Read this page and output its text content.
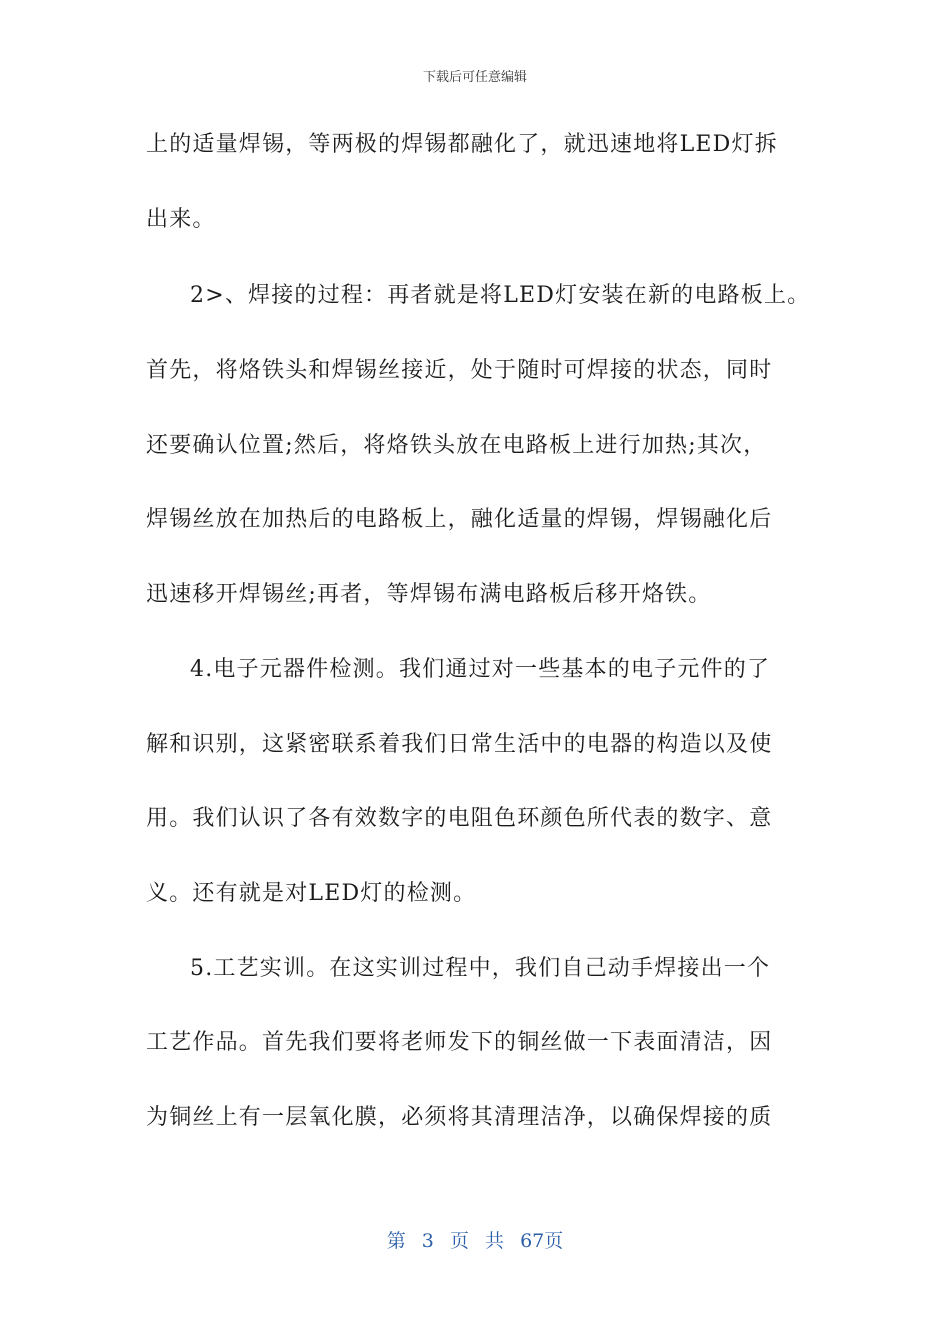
下载后可任意编辑
上的适量焊锡，等两极的焊锡都融化了，就迅速地将LED灯拆
出来。
2>、焊接的过程：再者就是将LED灯安装在新的电路板上。
首先，将烙铁头和焊锡丝接近，处于随时可焊接的状态，同时
还要确认位置;然后，将烙铁头放在电路板上进行加热;其次，
焊锡丝放在加热后的电路板上，融化适量的焊锡，焊锡融化后
迅速移开焊锡丝;再者，等焊锡布满电路板后移开烙铁。
4.电子元器件检测。我们通过对一些基本的电子元件的了
解和识别，这紧密联系着我们日常生活中的电器的构造以及使
用。我们认识了各有效数字的电阻色环颜色所代表的数字、意
义。还有就是对LED灯的检测。
5.工艺实训。在这实训过程中，我们自己动手焊接出一个
工艺作品。首先我们要将老师发下的铜丝做一下表面清洁，因
为铜丝上有一层氧化膜，必须将其清理洁净，以确保焊接的质
第 3 页 共 67页
